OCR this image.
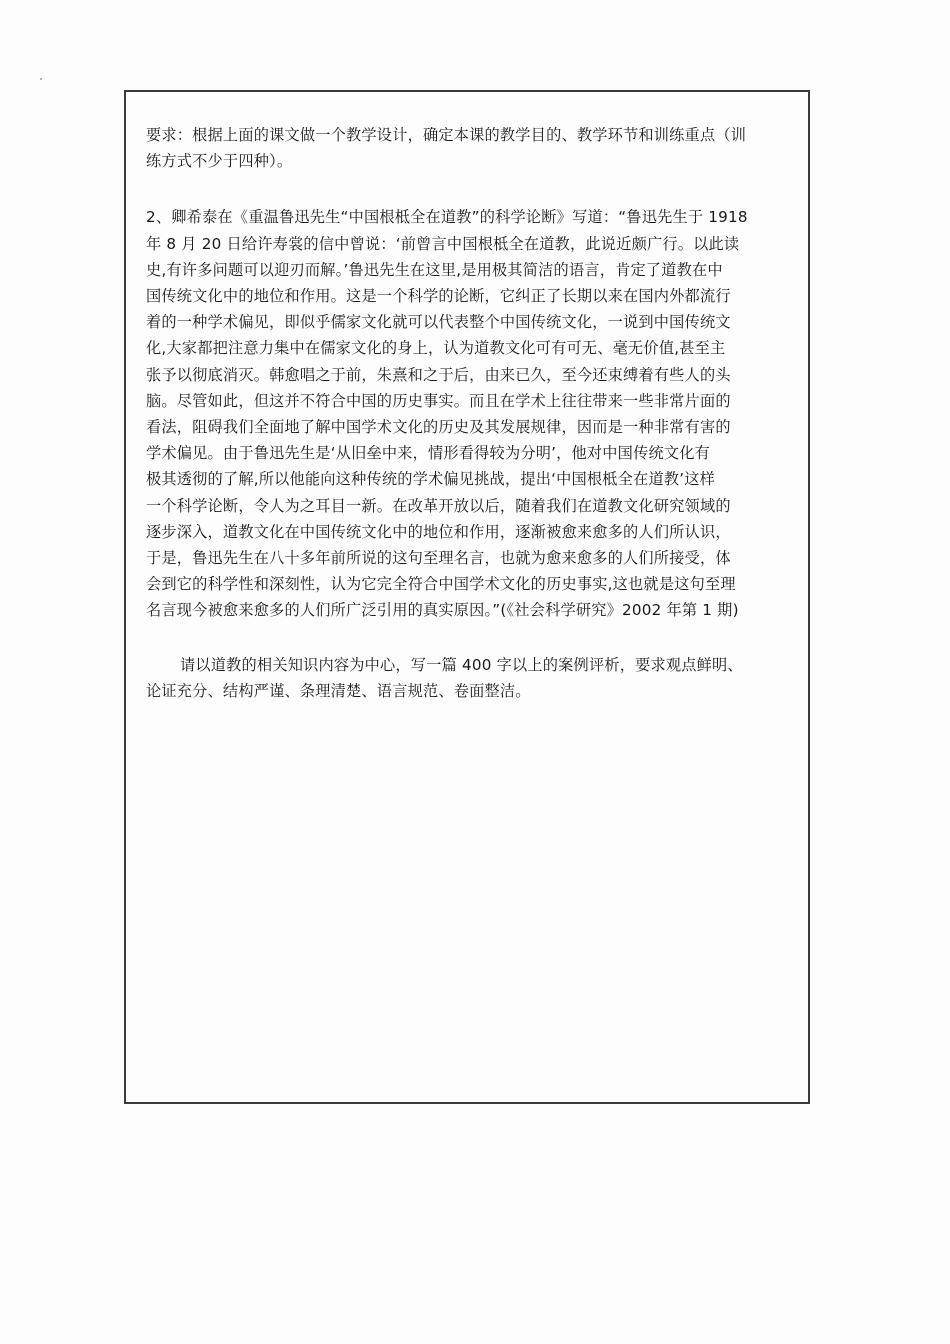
要求：根据上面的课文做一个教学设计，确定本课的教学目的、教学环节和训练重点（训
练方式不少于四种）。

2、卿希泰在《重温鲁迅先生“中国根柢全在道教”的科学论断》写道：“鲁迅先生于 1918
年 8 月 20 日给许寿裳的信中曾说：‘前曾言中国根柢全在道教，此说近颇广行。以此读
史,有许多问题可以迎刃而解。’鲁迅先生在这里,是用极其简洁的语言，肯定了道教在中
国传统文化中的地位和作用。这是一个科学的论断，它纠正了长期以来在国内外都流行
着的一种学术偏见，即似乎儒家文化就可以代表整个中国传统文化，一说到中国传统文
化,大家都把注意力集中在儒家文化的身上，认为道教文化可有可无、毫无价值,甚至主
张予以彻底消灭。韩愈唱之于前，朱熹和之于后，由来已久，至今还束缚着有些人的头
脑。尽管如此，但这并不符合中国的历史事实。而且在学术上往往带来一些非常片面的
看法，阻碍我们全面地了解中国学术文化的历史及其发展规律，因而是一种非常有害的
学术偏见。由于鲁迅先生是‘从旧垒中来，情形看得较为分明’，他对中国传统文化有
极其透彻的了解,所以他能向这种传统的学术偏见挑战，提出‘中国根柢全在道教’这样
一个科学论断，令人为之耳目一新。在改革开放以后，随着我们在道教文化研究领域的
逐步深入，道教文化在中国传统文化中的地位和作用，逐渐被愈来愈多的人们所认识，
于是，鲁迅先生在八十多年前所说的这句至理名言，也就为愈来愈多的人们所接受，体
会到它的科学性和深刻性，认为它完全符合中国学术文化的历史事实,这也就是这句至理
名言现今被愈来愈多的人们所广泛引用的真实原因。”(《社会科学研究》2002 年第 1 期)

请以道教的相关知识内容为中心，写一篇 400 字以上的案例评析，要求观点鲜明、
论证充分、结构严谨、条理清楚、语言规范、卷面整洁。
